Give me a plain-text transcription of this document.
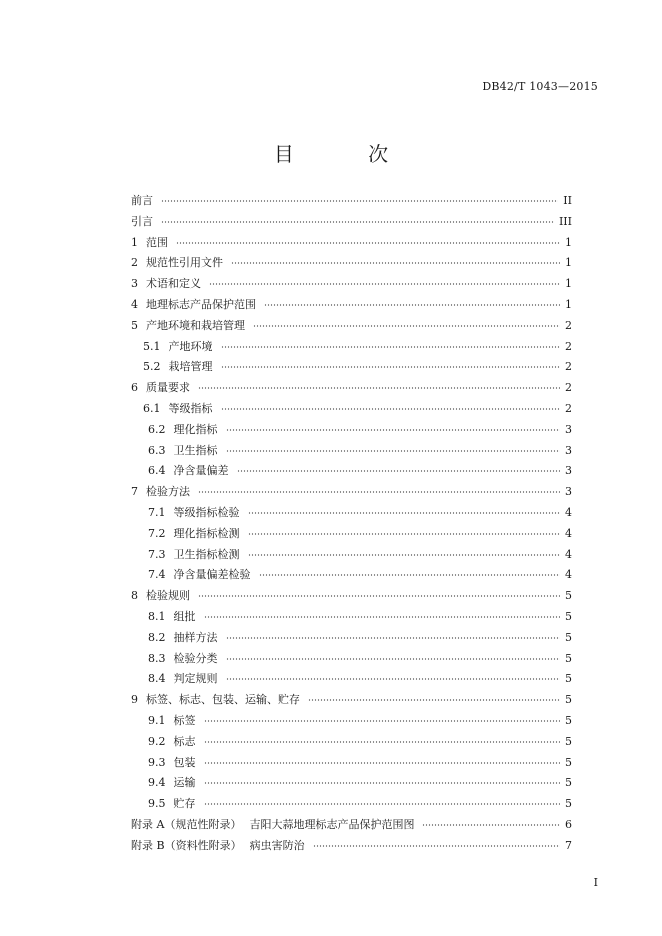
DB42/T 1043—2015
目 次
前言	II
引言	III
1 范围	1
2 规范性引用文件	1
3 术语和定义	1
4 地理标志产品保护范围	1
5 产地环境和栽培管理	2
5.1 产地环境	2
5.2 栽培管理	2
6 质量要求	2
6.1 等级指标	2
6.2 理化指标	3
6.3 卫生指标	3
6.4 净含量偏差	3
7 检验方法	3
7.1 等级指标检验	4
7.2 理化指标检测	4
7.3 卫生指标检测	4
7.4 净含量偏差检验	4
8 检验规则	5
8.1 组批	5
8.2 抽样方法	5
8.3 检验分类	5
8.4 判定规则	5
9 标签、标志、包装、运输、贮存	5
9.1 标签	5
9.2 标志	5
9.3 包装	5
9.4 运输	5
9.5 贮存	5
附录 A（规范性附录） 吉阳大蒜地理标志产品保护范围图	6
附录 B（资料性附录） 病虫害防治	7
I
